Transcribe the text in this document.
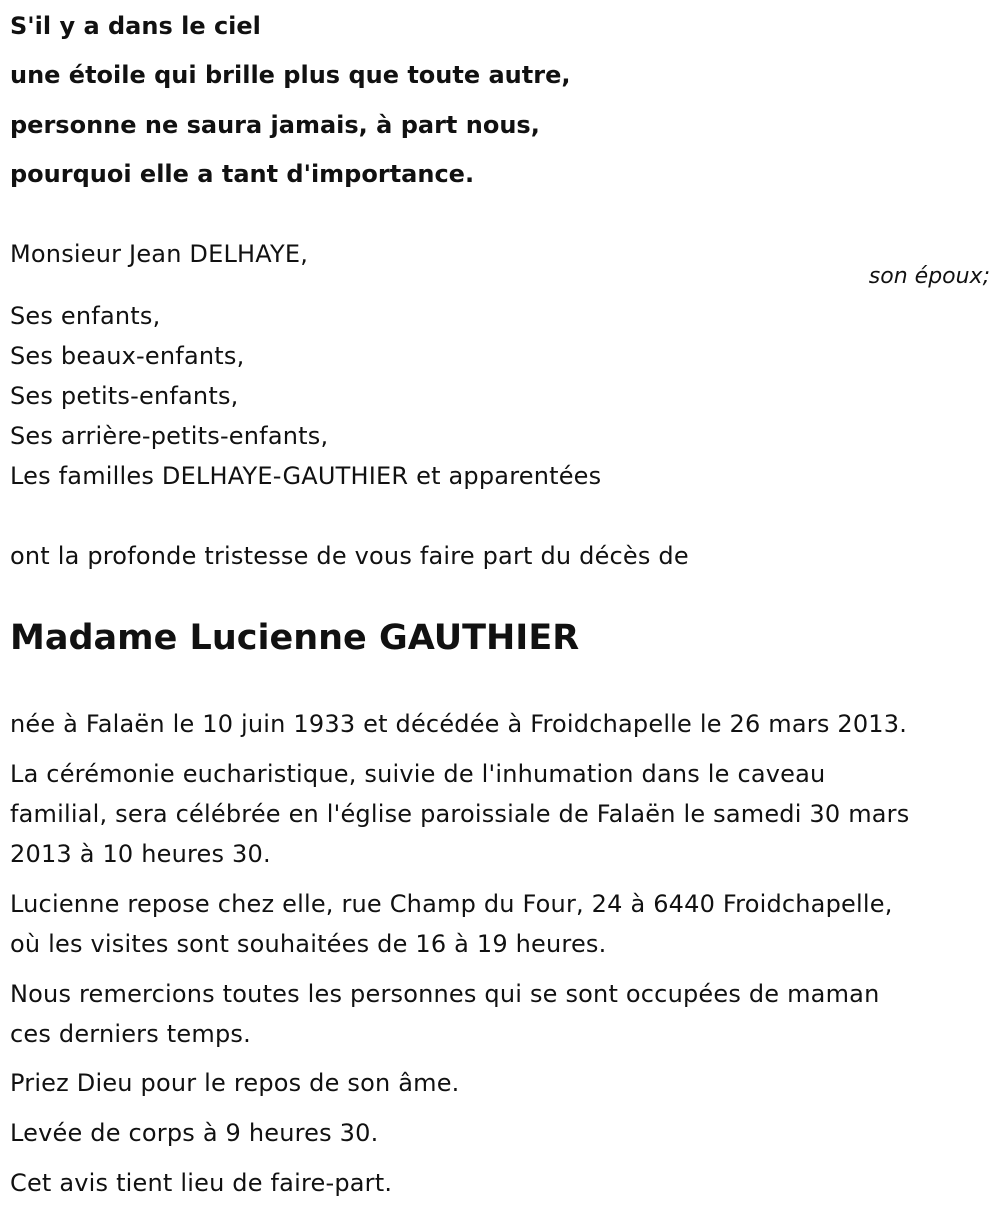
S'il y a dans le ciel
une étoile qui brille plus que toute autre,
personne ne saura jamais, à part nous,
pourquoi elle a tant d'importance.
Monsieur Jean DELHAYE,
son époux;
Ses enfants,
Ses beaux-enfants,
Ses petits-enfants,
Ses arrière-petits-enfants,
Les familles DELHAYE-GAUTHIER et apparentées
ont la profonde tristesse de vous faire part du décès de
Madame Lucienne GAUTHIER

née à Falaën le 10 juin 1933 et décédée à Froidchapelle le 26 mars 2013.

La cérémonie eucharistique, suivie de l'inhumation dans le caveau

familial, sera célébrée en l'église paroissiale de Falaën le samedi 30 mars

2013 à 10 heures 30.

Lucienne repose chez elle, rue Champ du Four, 24 à 6440 Froidchapelle,

où les visites sont souhaitées de 16 à 19 heures.

Nous remercions toutes les personnes qui se sont occupées de maman

ces derniers temps.

Priez Dieu pour le repos de son âme.

Levée de corps à 9 heures 30.

Cet avis tient lieu de faire-part.
